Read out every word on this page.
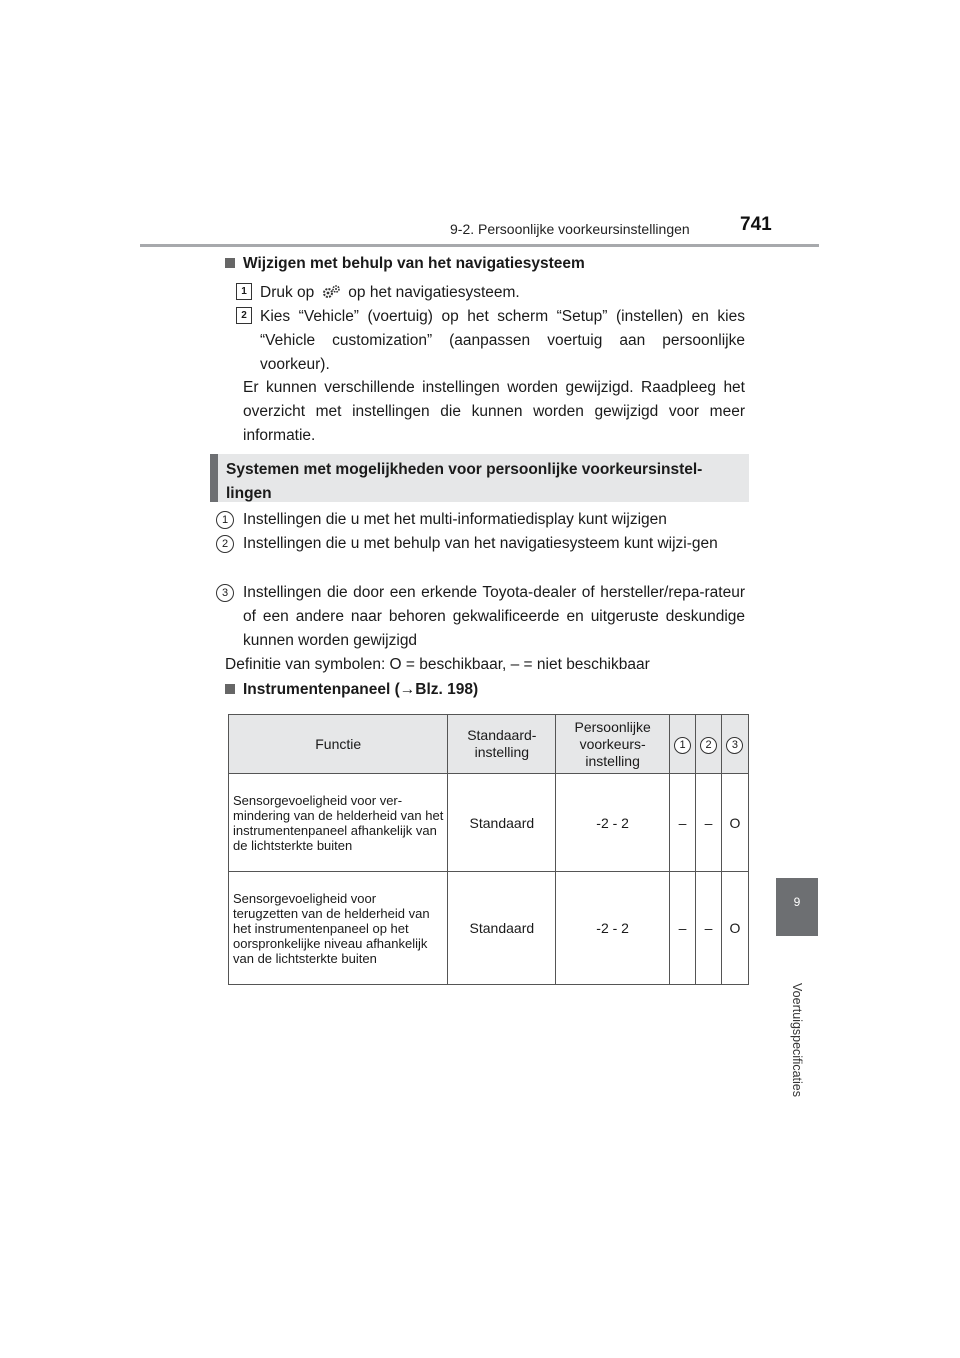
9-2. Persoonlijke voorkeursinstellingen	741
9
Voertuigspecificaties
Wijzigen met behulp van het navigatiesysteem
1 Druk op op het navigatiesysteem.
2 Kies “Vehicle” (voertuig) op het scherm “Setup” (instellen) en kies “Vehicle customization” (aanpassen voertuig aan persoonlijke voorkeur).
Er kunnen verschillende instellingen worden gewijzigd. Raadpleeg het overzicht met instellingen die kunnen worden gewijzigd voor meer informatie.
Systemen met mogelijkheden voor persoonlijke voorkeursinstel-lingen
1 Instellingen die u met het multi-informatiedisplay kunt wijzigen
2 Instellingen die u met behulp van het navigatiesysteem kunt wijzi-gen
3 Instellingen die door een erkende Toyota-dealer of hersteller/repa-rateur of een andere naar behoren gekwalificeerde en uitgeruste deskundige kunnen worden gewijzigd
Definitie van symbolen: O = beschikbaar, – = niet beschikbaar
Instrumentenpaneel (→Blz. 198)
Functie	Standaard-instelling	Persoonlijke voorkeurs-instelling	1	2	3
Sensorgevoeligheid voor ver-mindering van de helderheid van het instrumentenpaneel afhankelijk van de lichtsterkte buiten	Standaard	-2 - 2	–	–	O
Sensorgevoeligheid voor terugzetten van de helderheid van het instrumentenpaneel op het oorspronkelijke niveau afhankelijk van de lichtsterkte buiten	Standaard	-2 - 2	–	–	O
